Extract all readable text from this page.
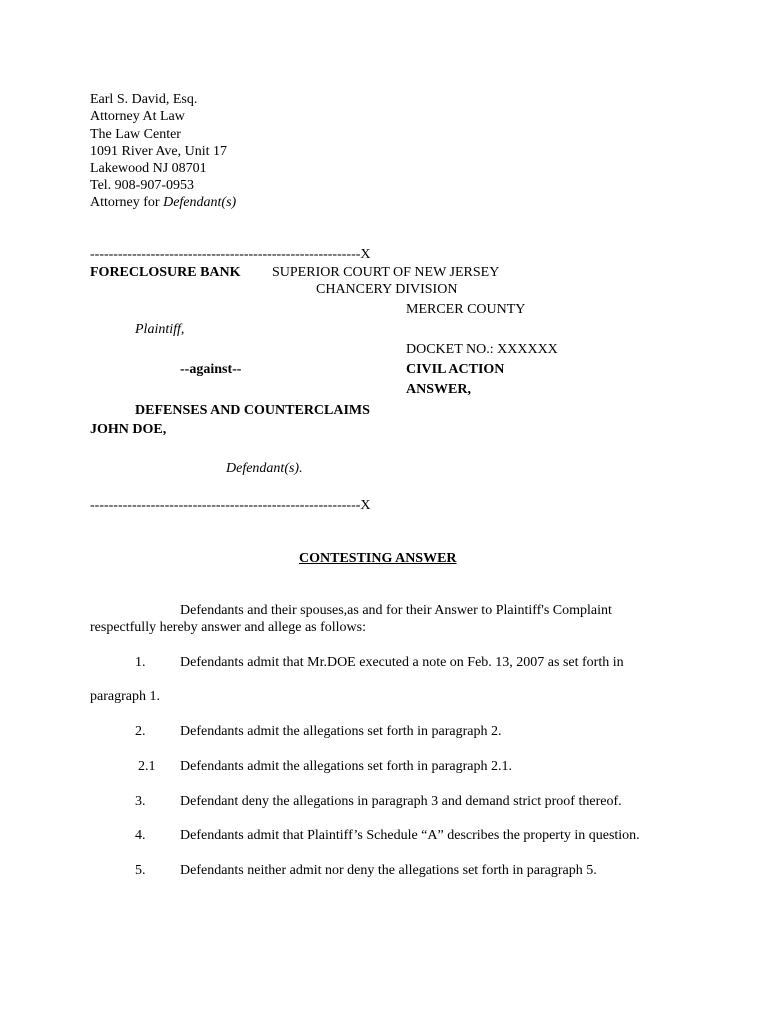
Earl S. David, Esq.
Attorney At Law
The Law Center
1091 River Ave, Unit 17
Lakewood NJ 08701
Tel. 908-907-0953
Attorney for Defendant(s)
----------------------------------------------------------X
FORECLOSURE BANK SUPERIOR COURT OF NEW JERSEY
CHANCERY DIVISION
MERCER COUNTY
Plaintiff,
DOCKET NO.: XXXXXX
--against--	CIVIL ACTION
ANSWER,
DEFENSES AND COUNTERCLAIMS
JOHN DOE,
Defendant(s).
----------------------------------------------------------X
CONTESTING ANSWER
Defendants and their spouses,as and for their Answer to Plaintiff's Complaint
respectfully hereby answer and allege as follows:
1. Defendants admit that Mr.DOE executed a note on Feb. 13, 2007 as set forth in
paragraph 1.
2. Defendants admit the allegations set forth in paragraph 2.
2.1 Defendants admit the allegations set forth in paragraph 2.1.
3. Defendant deny the allegations in paragraph 3 and demand strict proof thereof.
4. Defendants admit that Plaintiff’s Schedule “A” describes the property in question.
5. Defendants neither admit nor deny the allegations set forth in paragraph 5.
